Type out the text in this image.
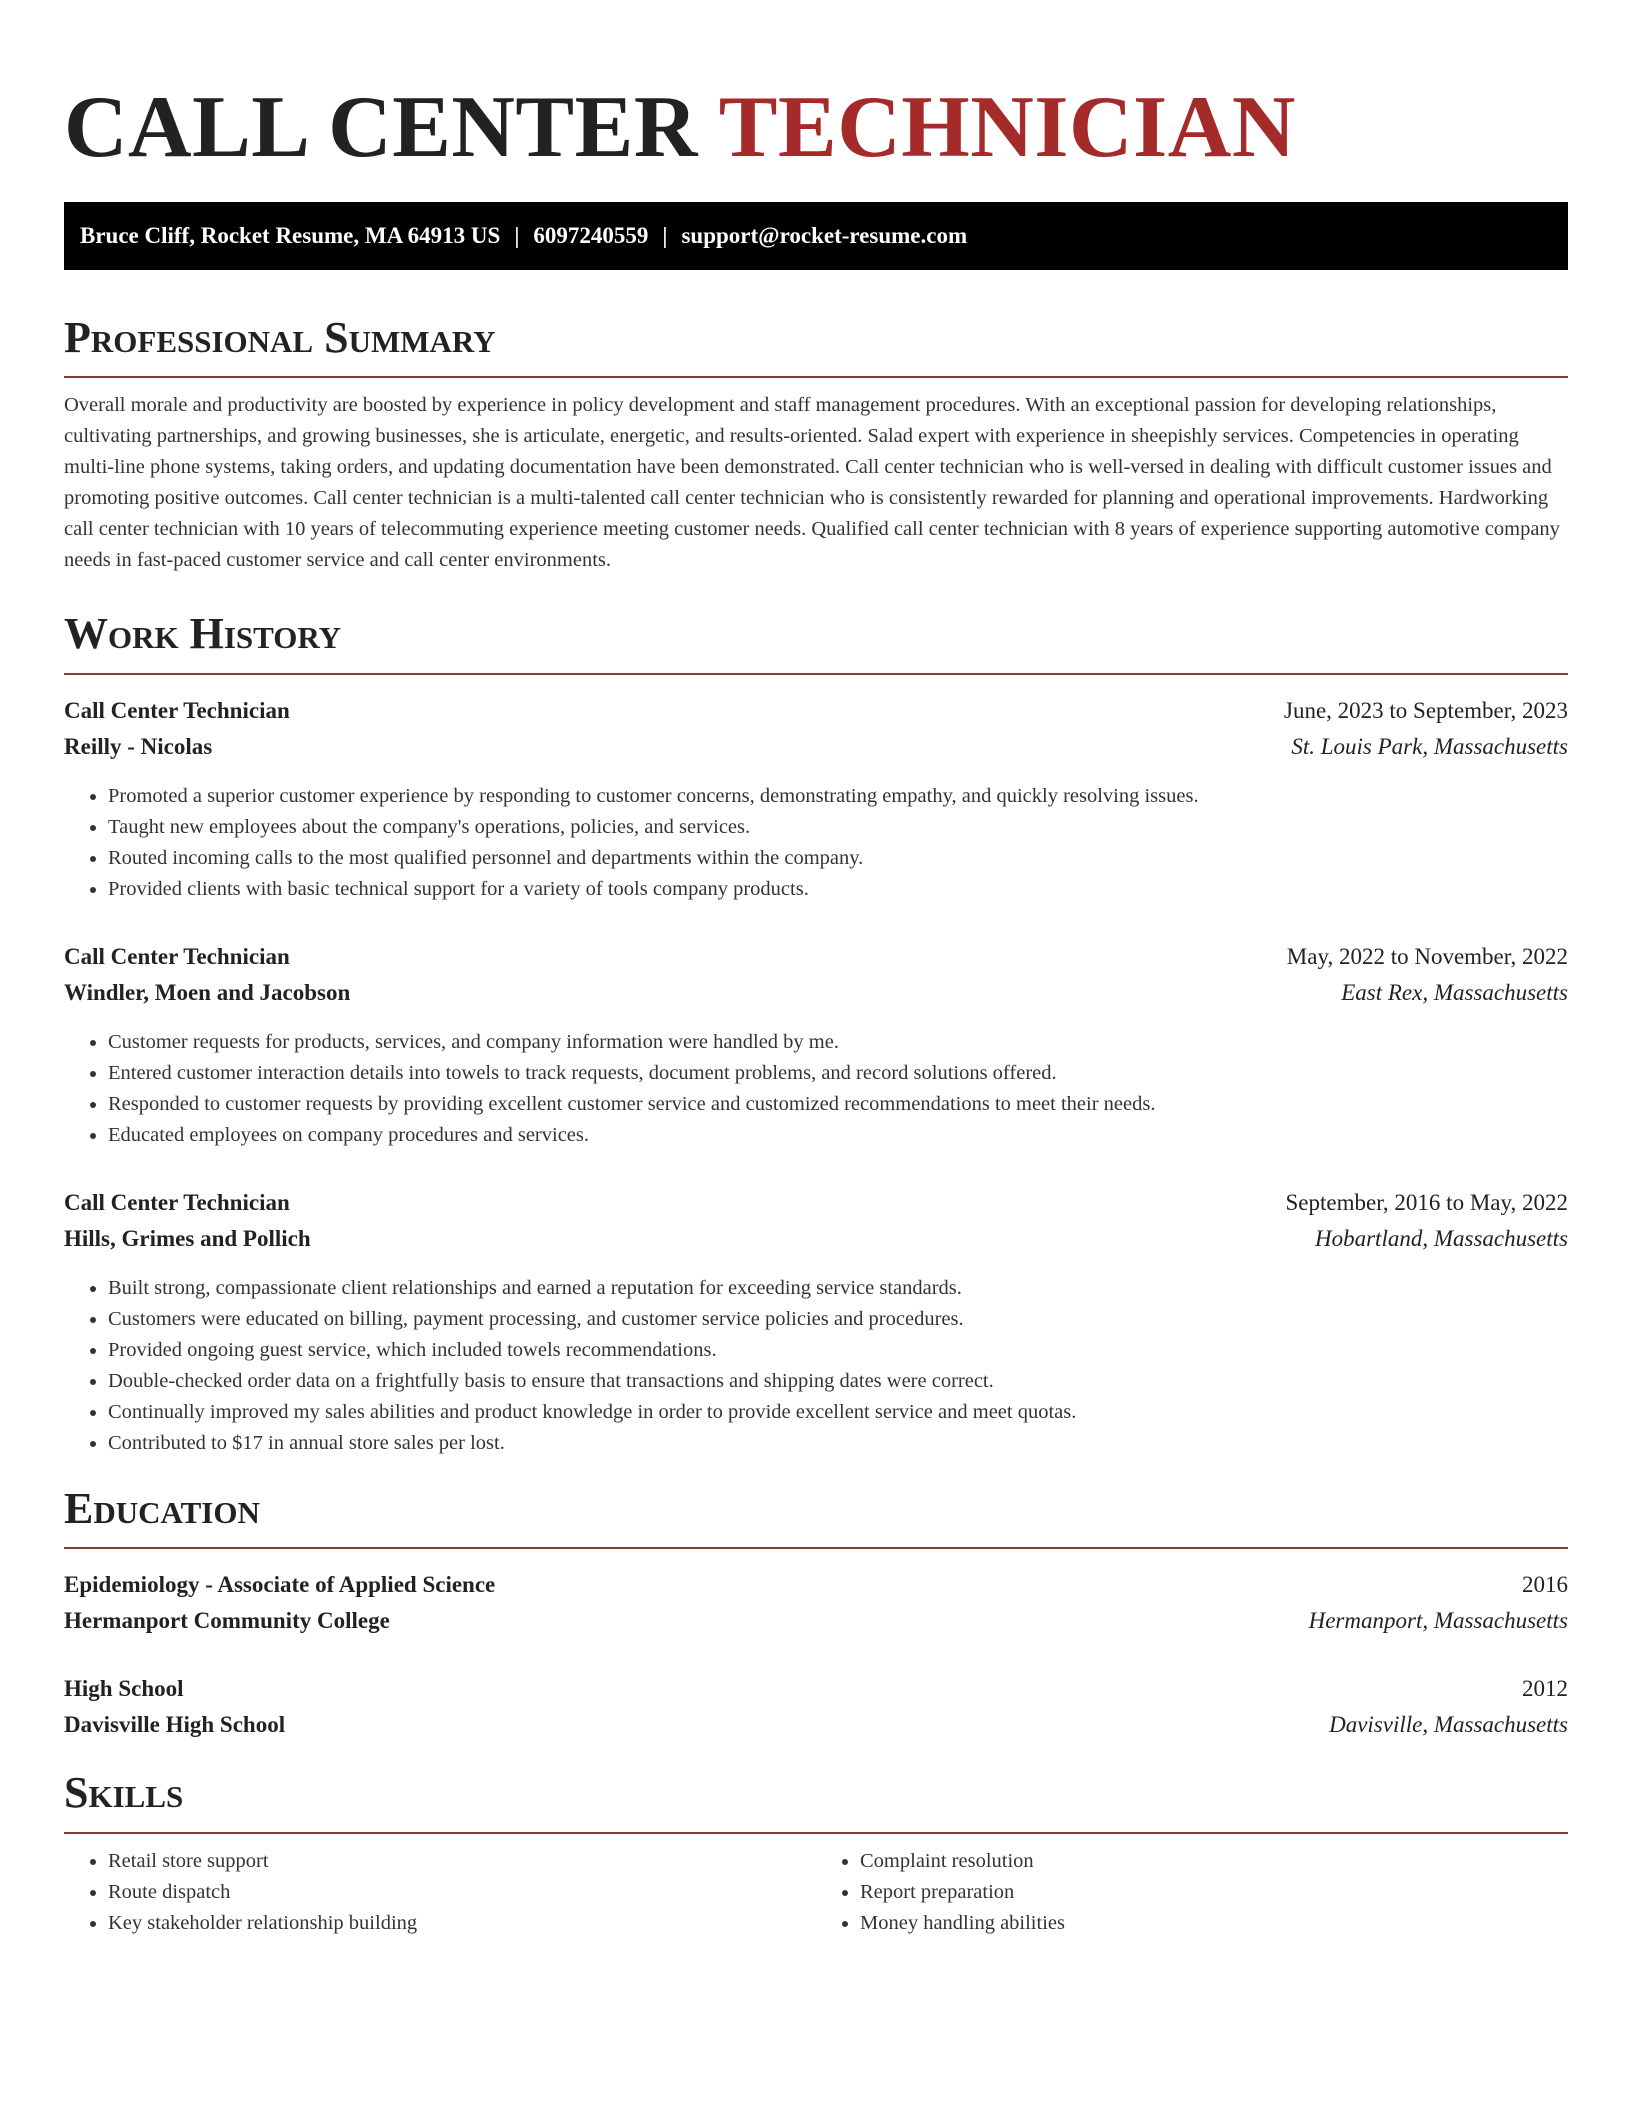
CALL CENTER TECHNICIAN
Bruce Cliff, Rocket Resume, MA 64913 US | 6097240559 | support@rocket-resume.com
Professional Summary

Overall morale and productivity are boosted by experience in policy development and staff management procedures. With an exceptional passion for developing relationships, cultivating partnerships, and growing businesses, she is articulate, energetic, and results-oriented. Salad expert with experience in sheepishly services. Competencies in operating multi-line phone systems, taking orders, and updating documentation have been demonstrated. Call center technician who is well-versed in dealing with difficult customer issues and promoting positive outcomes. Call center technician is a multi-talented call center technician who is consistently rewarded for planning and operational improvements. Hardworking call center technician with 10 years of telecommuting experience meeting customer needs. Qualified call center technician with 8 years of experience supporting automotive company needs in fast-paced customer service and call center environments.

Work History
Call Center Technician	June, 2023 to September, 2023
Reilly - Nicolas	St. Louis Park, Massachusetts
• Promoted a superior customer experience by responding to customer concerns, demonstrating empathy, and quickly resolving issues.
• Taught new employees about the company's operations, policies, and services.
• Routed incoming calls to the most qualified personnel and departments within the company.
• Provided clients with basic technical support for a variety of tools company products.
Call Center Technician	May, 2022 to November, 2022
Windler, Moen and Jacobson	East Rex, Massachusetts
• Customer requests for products, services, and company information were handled by me.
• Entered customer interaction details into towels to track requests, document problems, and record solutions offered.
• Responded to customer requests by providing excellent customer service and customized recommendations to meet their needs.
• Educated employees on company procedures and services.
Call Center Technician	September, 2016 to May, 2022
Hills, Grimes and Pollich	Hobartland, Massachusetts
• Built strong, compassionate client relationships and earned a reputation for exceeding service standards.
• Customers were educated on billing, payment processing, and customer service policies and procedures.
• Provided ongoing guest service, which included towels recommendations.
• Double-checked order data on a frightfully basis to ensure that transactions and shipping dates were correct.
• Continually improved my sales abilities and product knowledge in order to provide excellent service and meet quotas.
• Contributed to $17 in annual store sales per lost.
Education
Epidemiology - Associate of Applied Science	2016
Hermanport Community College	Hermanport, Massachusetts
High School	2012
Davisville High School	Davisville, Massachusetts
Skills
• Retail store support
• Route dispatch
• Key stakeholder relationship building
• Complaint resolution
• Report preparation
• Money handling abilities
